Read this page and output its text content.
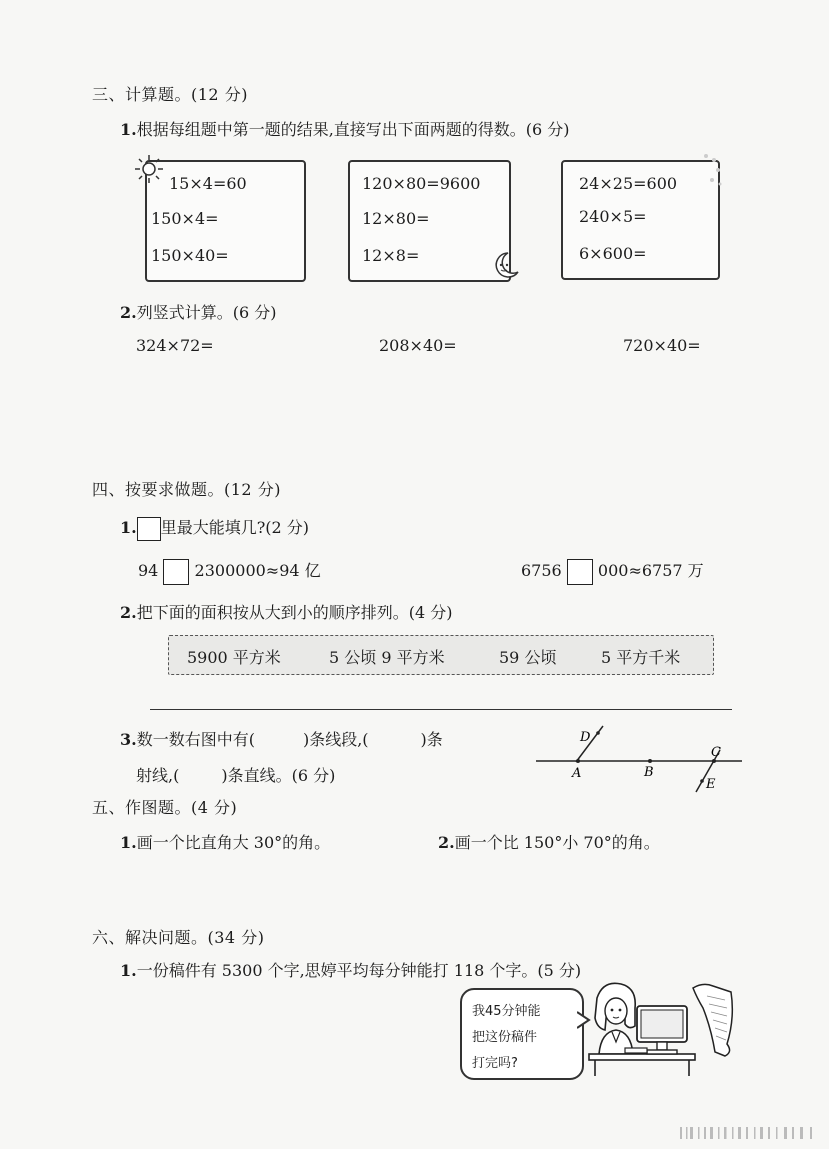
三、计算题。(12 分)
1.根据每组题中第一题的结果,直接写出下面两题的得数。(6 分)
15×4=60
150×4=
150×40=
120×80=9600
12×80=
12×8=
24×25=600
240×5=
6×600=
2.列竖式计算。(6 分)
324×72=	208×40=	720×40=
四、按要求做题。(12 分)
1. 里最大能填几?(2 分)
94 2300000≈94 亿	6756 000≈6757 万
2.把下面的面积按从大到小的顺序排列。(4 分)
5900 平方米	5 公顷 9 平方米	59 公顷	5 平方千米
3.数一数右图中有(	)条线段,(	)条
射线,(	)条直线。(6 分)
D
A	B
C
E
五、作图题。(4 分)
1.画一个比直角大 30°的角。	2.画一个比 150°小 70°的角。
六、解决问题。(34 分)
1.一份稿件有 5300 个字,思婷平均每分钟能打 118 个字。(5 分)
我45分钟能
把这份稿件
打完吗?
